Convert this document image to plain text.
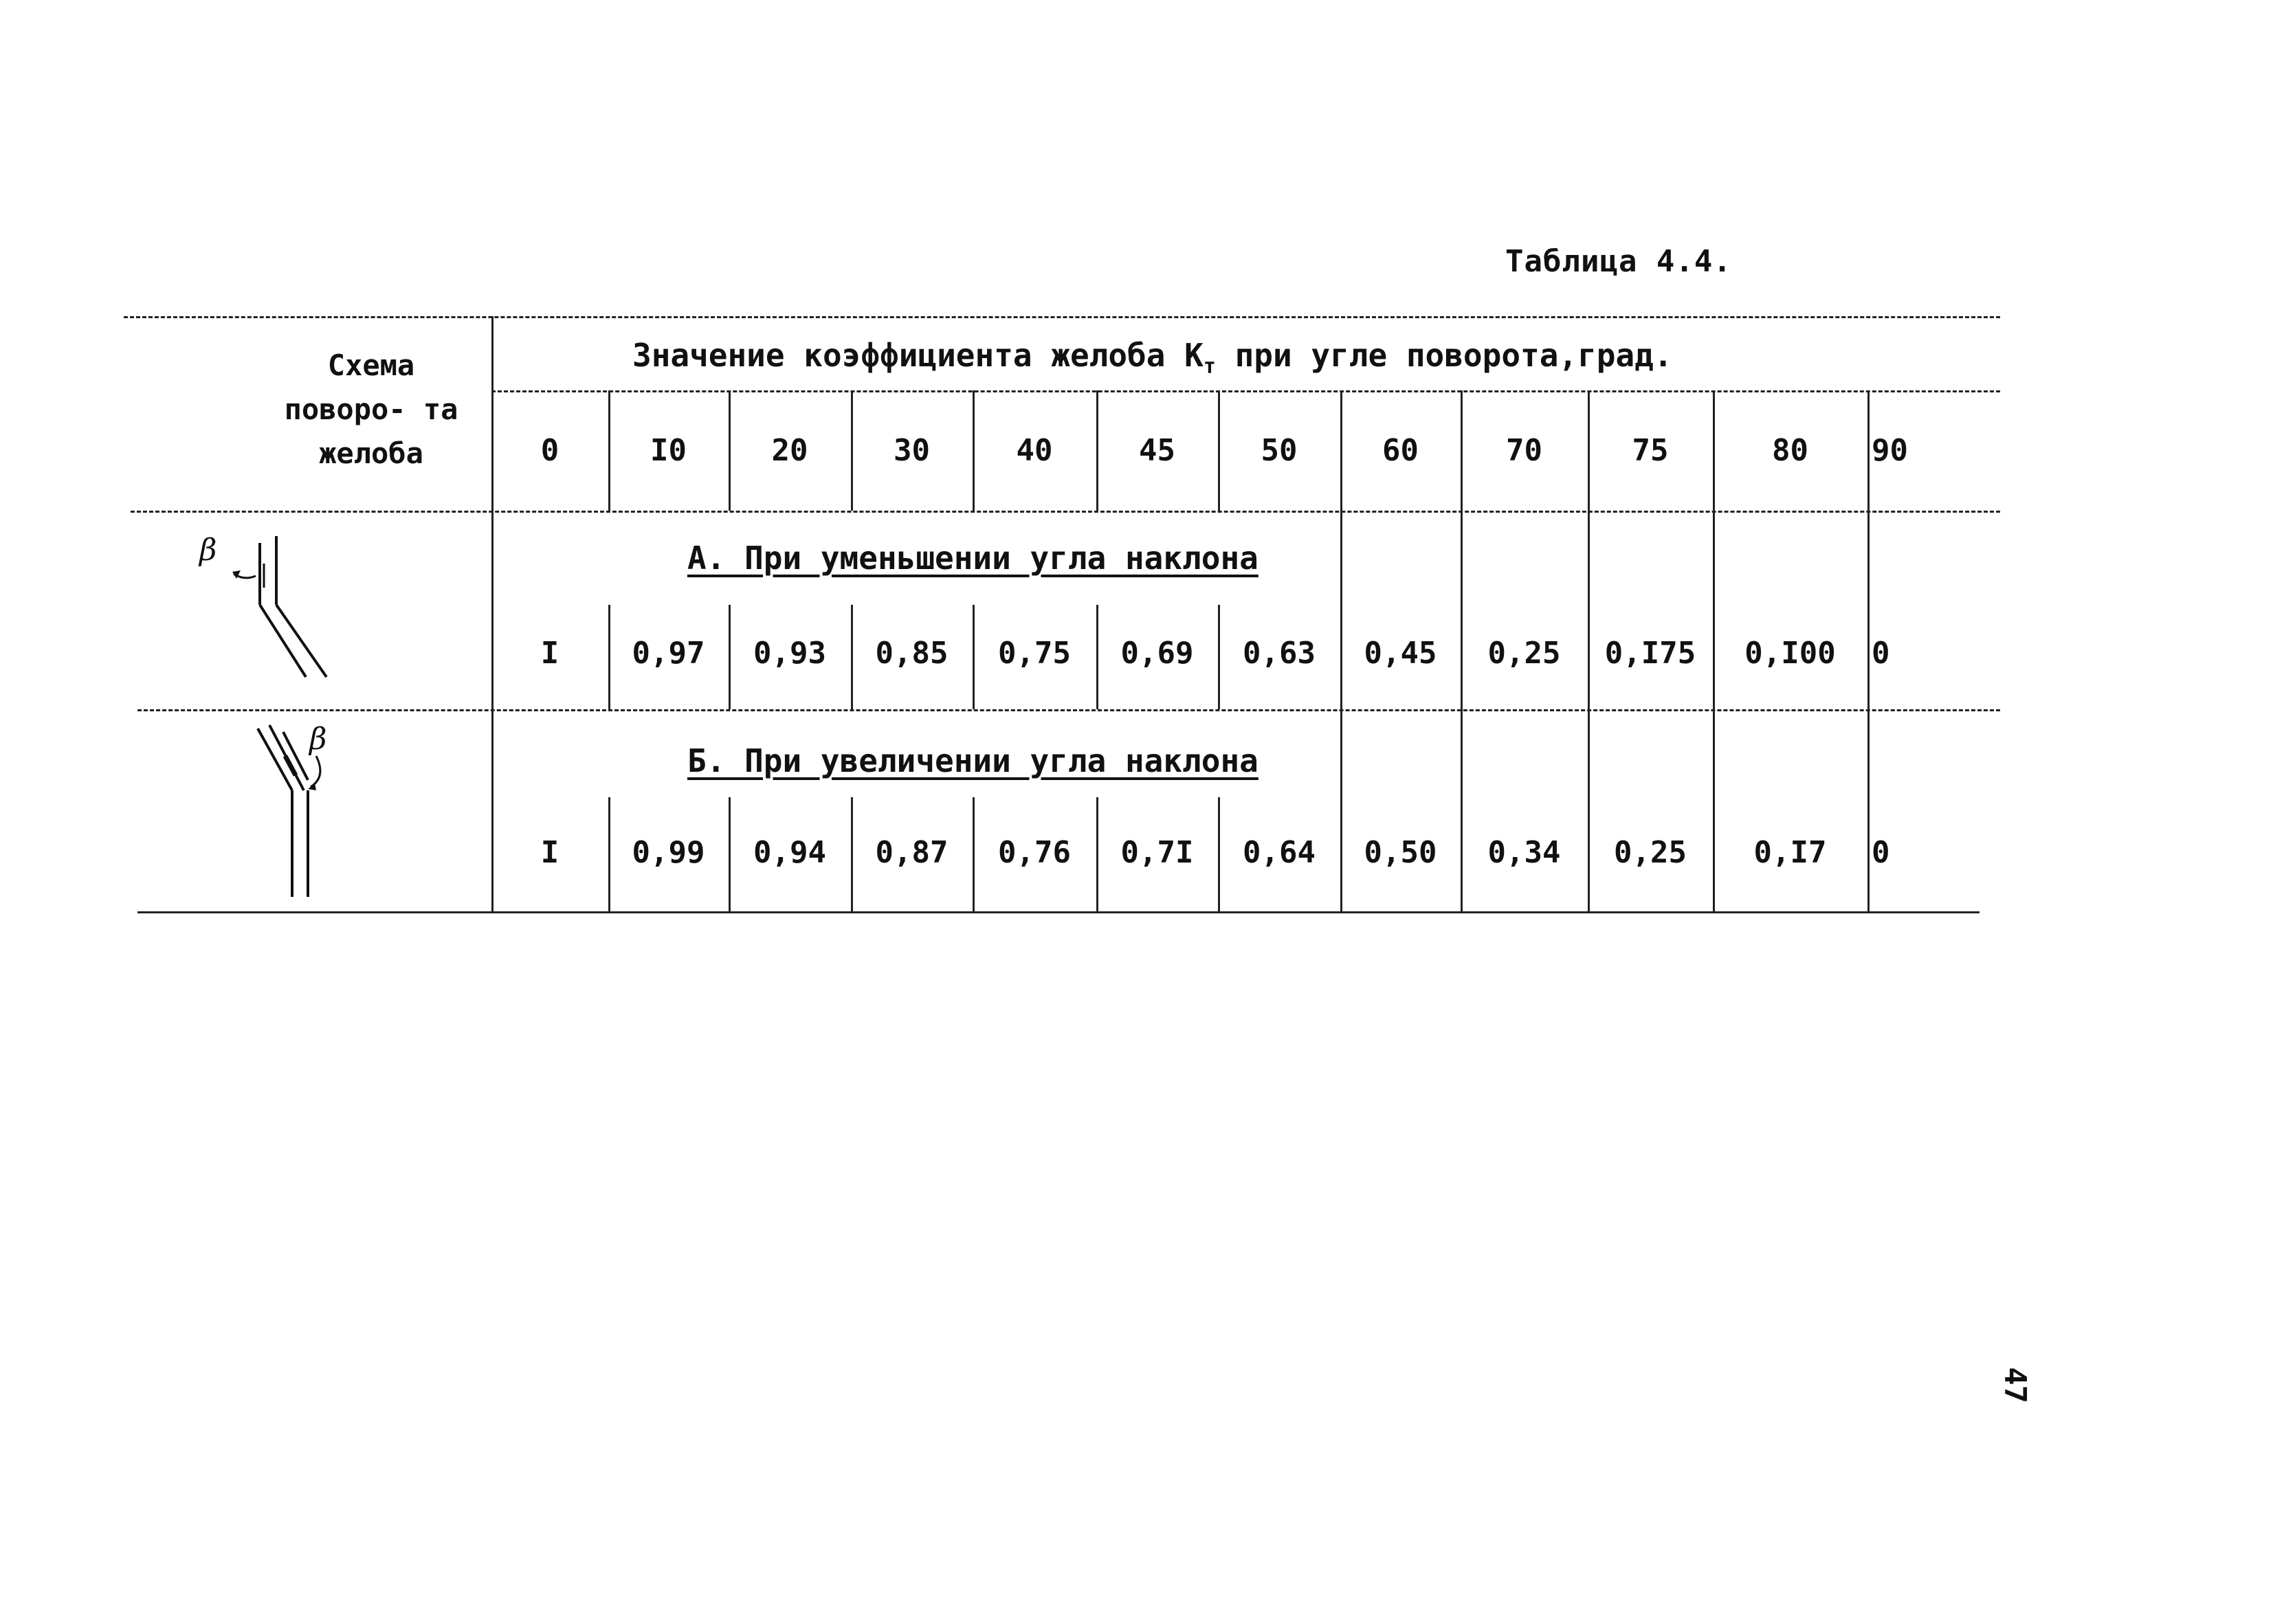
Таблица 4.4.
Схема поворо- та желоба
Значение коэффициента желоба $К_т$ при угле поворота,град.
0	I0	20	30	40	45	50	60	70	75	80	90
А. При уменьшении угла наклона
Б. При увеличении угла наклона
I	0,97	0,93	0,85	0,75	0,69	0,63	0,45	0,25	0,I75	0,I00	0
I	0,99	0,94	0,87	0,76	0,7I	0,64	0,50	0,34	0,25	0,I7	0
β
β
47
